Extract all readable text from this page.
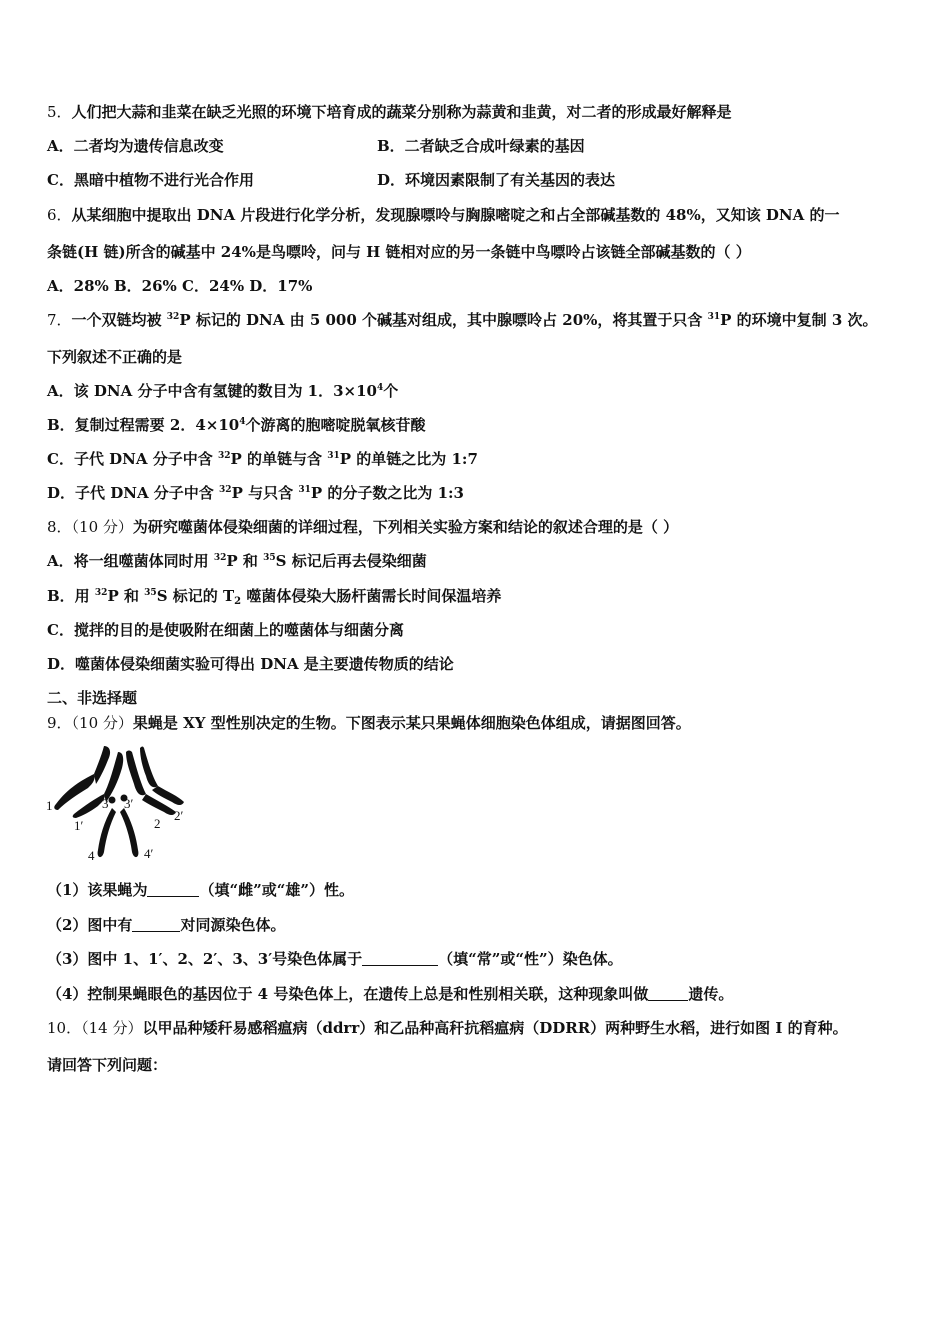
5．人们把大蒜和韭菜在缺乏光照的环境下培育成的蔬菜分别称为蒜黄和韭黄，对二者的形成最好解释是
A．二者均为遗传信息改变	B．二者缺乏合成叶绿素的基因
C．黑暗中植物不进行光合作用	D．环境因素限制了有关基因的表达
6．从某细胞中提取出 DNA 片段进行化学分析，发现腺嘌呤与胸腺嘧啶之和占全部碱基数的 48%，又知该 DNA 的一
条链(H 链)所含的碱基中 24%是鸟嘌呤，问与 H 链相对应的另一条链中鸟嘌呤占该链全部碱基数的（ ）
A．28% B．26% C．24% D．17%
7．一个双链均被 $^{32}$P 标记的 DNA 由 5 000 个碱基对组成，其中腺嘌呤占 20%，将其置于只含 $^{31}$P 的环境中复制 3 次。
下列叙述不正确的是
A．该 DNA 分子中含有氢键的数目为 1．$3\times 10^4$个
B．复制过程需要 2．$4\times 10^4$个游离的胞嘧啶脱氧核苷酸
C．子代 DNA 分子中含 $^{32}$P 的单链与含 $^{31}$P 的单链之比为 1:7
D．子代 DNA 分子中含 $^{32}$P 与只含 $^{31}$P 的分子数之比为 1:3
8．（10 分）为研究噬菌体侵染细菌的详细过程，下列相关实验方案和结论的叙述合理的是（ ）
A．将一组噬菌体同时用 $^{32}$P 和 $^{35}$S 标记后再去侵染细菌
B．用 $^{32}$P 和 $^{35}$S 标记的 $T_2$ 噬菌体侵染大肠杆菌需长时间保温培养
C．搅拌的目的是使吸附在细菌上的噬菌体与细菌分离
D．噬菌体侵染细菌实验可得出 DNA 是主要遗传物质的结论
二、非选择题
9．（10 分）果蝇是 XY 型性别决定的生物。下图表示某只果蝇体细胞染色体组成，请据图回答。
1
1′	2
2′
3 3′
4	4′
（1）该果蝇为	（填“雌”或“雄”）性。
（2）图中有	对同源染色体。
（3）图中 1、1′、2、2′、3、3′号染色体属于	（填“常”或“性”）染色体。
（4）控制果蝇眼色的基因位于 4 号染色体上，在遗传上总是和性别相关联，这种现象叫做	遗传。
10．（14 分）以甲品种矮秆易感稻瘟病（ddrr）和乙品种高秆抗稻瘟病（DDRR）两种野生水稻，进行如图 I 的育种。
请回答下列问题：
